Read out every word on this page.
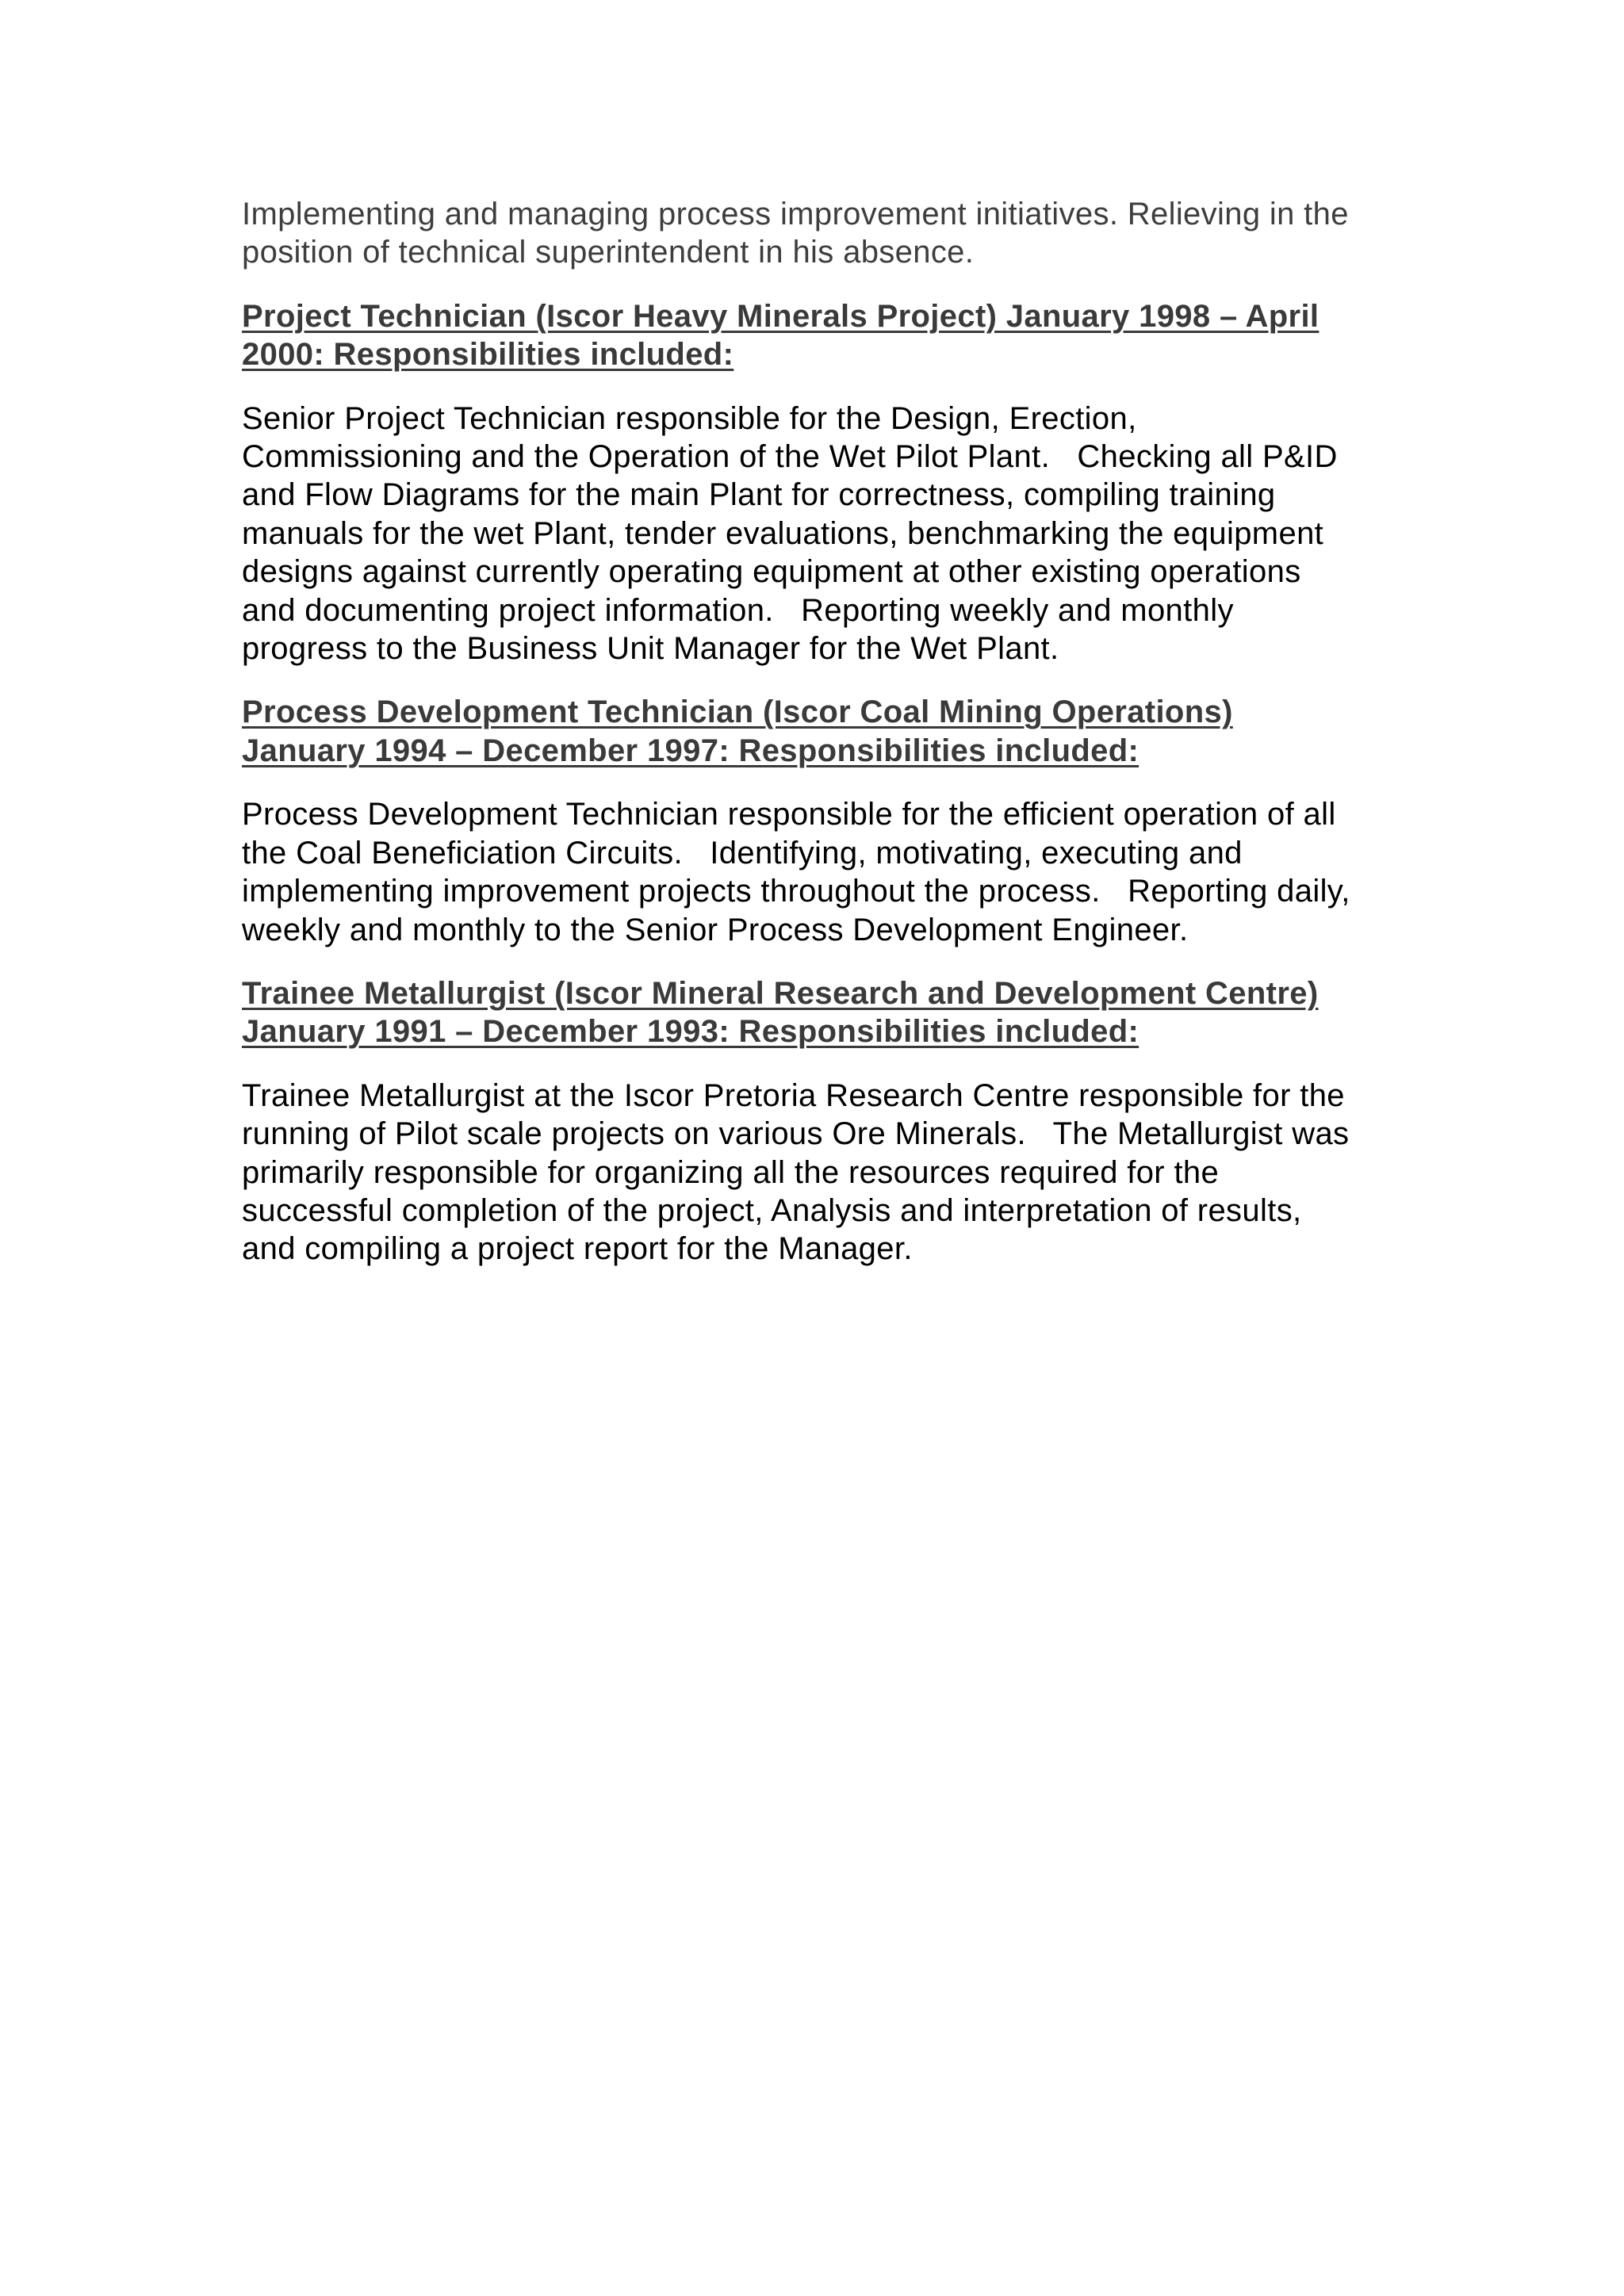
Implementing and managing process improvement initiatives. Relieving in the
position of technical superintendent in his absence.

Project Technician (Iscor Heavy Minerals Project) January 1998 – April
2000: Responsibilities included:

Senior Project Technician responsible for the Design, Erection,
Commissioning and the Operation of the Wet Pilot Plant.   Checking all P&ID
and Flow Diagrams for the main Plant for correctness, compiling training
manuals for the wet Plant, tender evaluations, benchmarking the equipment
designs against currently operating equipment at other existing operations
and documenting project information.   Reporting weekly and monthly
progress to the Business Unit Manager for the Wet Plant.

Process Development Technician (Iscor Coal Mining Operations)
January 1994 – December 1997: Responsibilities included:

Process Development Technician responsible for the efficient operation of all
the Coal Beneficiation Circuits.   Identifying, motivating, executing and
implementing improvement projects throughout the process.   Reporting daily,
weekly and monthly to the Senior Process Development Engineer.

Trainee Metallurgist (Iscor Mineral Research and Development Centre)
January 1991 – December 1993: Responsibilities included:

Trainee Metallurgist at the Iscor Pretoria Research Centre responsible for the
running of Pilot scale projects on various Ore Minerals.   The Metallurgist was
primarily responsible for organizing all the resources required for the
successful completion of the project, Analysis and interpretation of results,
and compiling a project report for the Manager.
